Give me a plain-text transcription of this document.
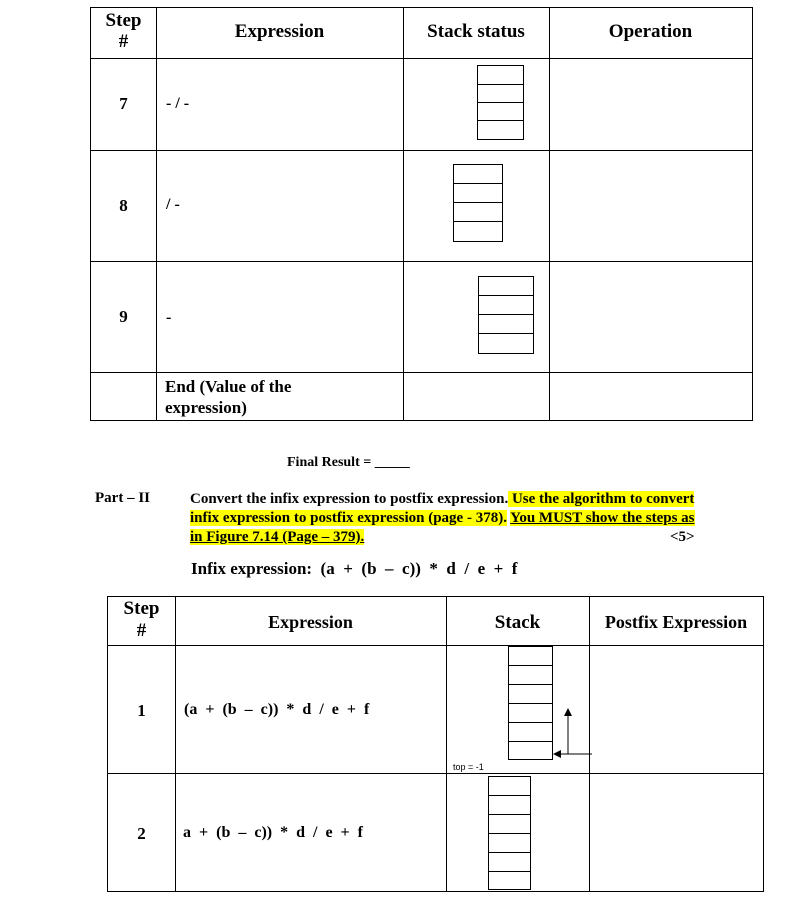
Step
#	Expression	Stack status	Operation
7	- / -
8	/ -
9	-
End (Value of the
expression)
Final Result = _____
Part – II	Convert the infix expression to postfix expression. Use the algorithm to convert
infix expression to postfix expression (page - 378). You MUST show the steps as
in Figure 7.14 (Page – 379).	<5>
Infix expression:  (a  +  (b  –  c))  *  d  /  e  +  f
Step
#	Expression	Stack	Postfix Expression
1	(a  +  (b  –  c))  *  d  /  e  +  f
top = -1
2	a  +  (b  –  c))  *  d  /  e  +  f
